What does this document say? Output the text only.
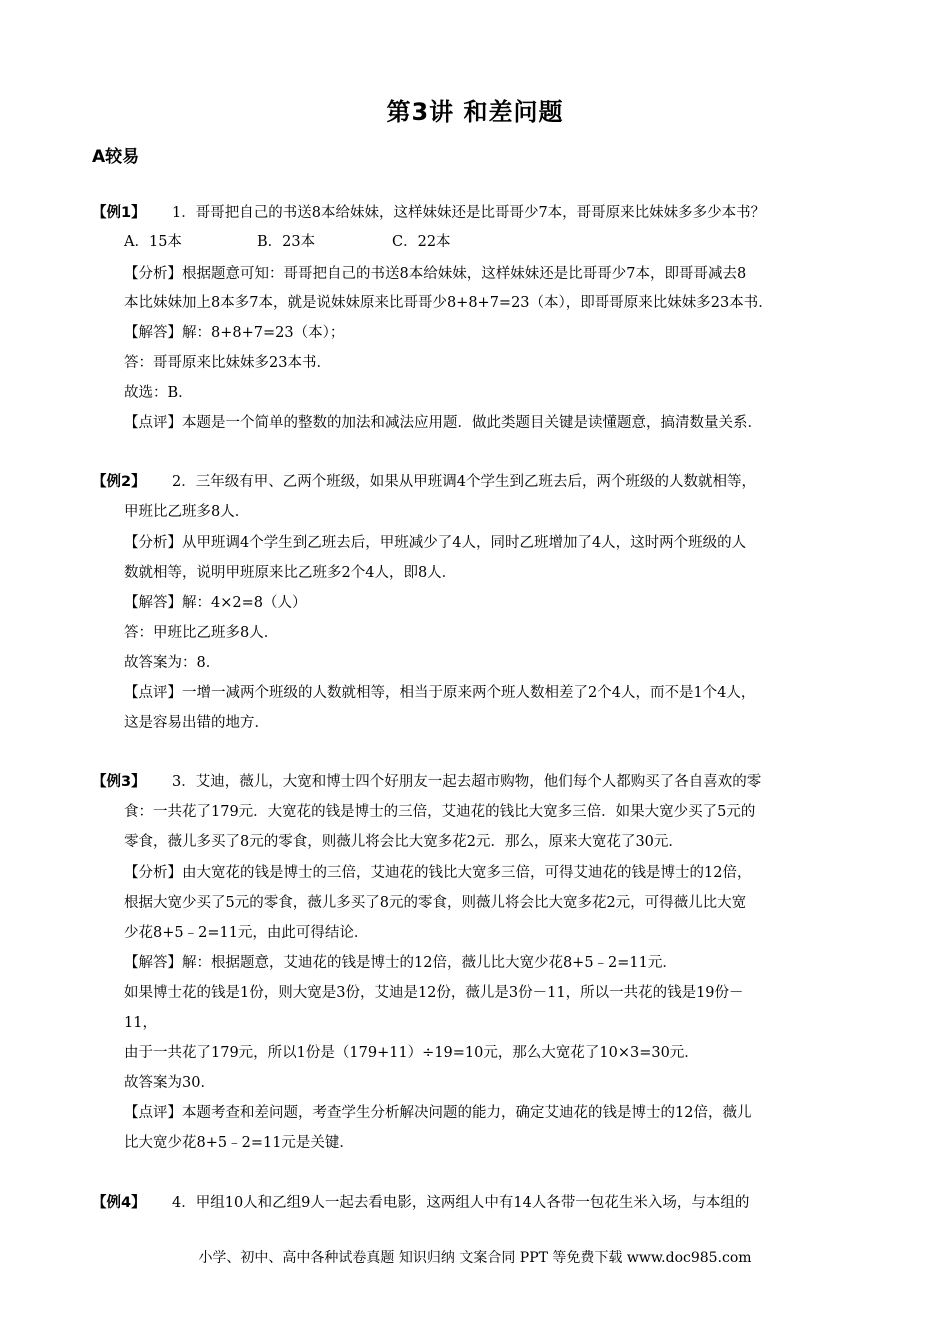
第3讲 和差问题
A较易
【例1】 1．哥哥把自己的书送8本给妹妹，这样妹妹还是比哥哥少7本，哥哥原来比妹妹多多少本书？
A．15本	B．23本	C．22本
【分析】根据题意可知：哥哥把自己的书送8本给妹妹，这样妹妹还是比哥哥少7本，即哥哥减去8
本比妹妹加上8本多7本，就是说妹妹原来比哥哥少8+8+7=23（本），即哥哥原来比妹妹多23本书．
【解答】解：8+8+7=23（本）；
答：哥哥原来比妹妹多23本书．
故选：B．
【点评】本题是一个简单的整数的加法和减法应用题．做此类题目关键是读懂题意，搞清数量关系．
【例2】 2．三年级有甲、乙两个班级，如果从甲班调4个学生到乙班去后，两个班级的人数就相等，
甲班比乙班多8人．
【分析】从甲班调4个学生到乙班去后，甲班减少了4人，同时乙班增加了4人，这时两个班级的人
数就相等，说明甲班原来比乙班多2个4人，即8人．
【解答】解：4×2=8（人）
答：甲班比乙班多8人．
故答案为：8．
【点评】一增一减两个班级的人数就相等，相当于原来两个班人数相差了2个4人，而不是1个4人，
这是容易出错的地方．
【例3】 3．艾迪，薇儿，大宽和博士四个好朋友一起去超市购物，他们每个人都购买了各自喜欢的零
食：一共花了179元．大宽花的钱是博士的三倍，艾迪花的钱比大宽多三倍．如果大宽少买了5元的
零食，薇儿多买了8元的零食，则薇儿将会比大宽多花2元．那么，原来大宽花了30元．
【分析】由大宽花的钱是博士的三倍，艾迪花的钱比大宽多三倍，可得艾迪花的钱是博士的12倍，
根据大宽少买了5元的零食，薇儿多买了8元的零食，则薇儿将会比大宽多花2元，可得薇儿比大宽
少花8+5﹣2=11元，由此可得结论．
【解答】解：根据题意，艾迪花的钱是博士的12倍，薇儿比大宽少花8+5﹣2=11元．
如果博士花的钱是1份，则大宽是3份，艾迪是12份，薇儿是3份－11，所以一共花的钱是19份－
11，
由于一共花了179元，所以1份是（179+11）÷19=10元，那么大宽花了10×3=30元．
故答案为30．
【点评】本题考查和差问题，考查学生分析解决问题的能力，确定艾迪花的钱是博士的12倍，薇儿
比大宽少花8+5﹣2=11元是关键．
【例4】 4．甲组10人和乙组9人一起去看电影，这两组人中有14人各带一包花生米入场，与本组的
小学、初中、高中各种试卷真题 知识归纳 文案合同 PPT 等免费下载 www.doc985.com
